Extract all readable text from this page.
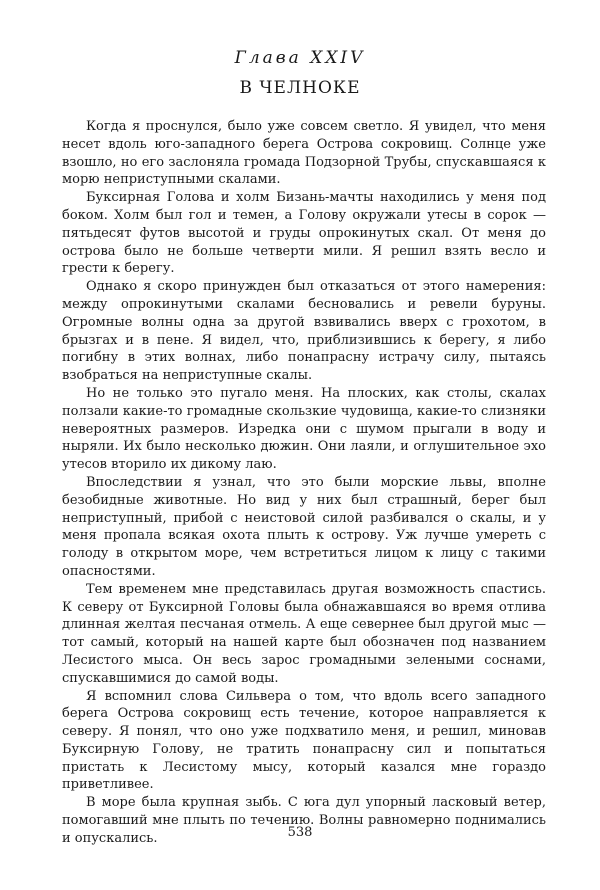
Глава XXIV
В ЧЕЛНОКЕ

Когда я проснулся, было уже совсем светло. Я увидел, что меня несет вдоль юго-западного берега Острова сокровищ. Солнце уже взошло, но его заслоняла громада Подзорной Трубы, спускавшаяся к морю неприступными скалами.

Буксирная Голова и холм Бизань-мачты находились у меня под боком. Холм был гол и темен, а Голову окружали утесы в сорок — пятьдесят футов высотой и груды опрокинутых скал. От меня до острова было не больше четверти мили. Я решил взять весло и грести к берегу.

Однако я скоро принужден был отказаться от этого намерения: между опрокинутыми скалами бесновались и ревели буруны. Огромные волны одна за другой взвивались вверх с грохотом, в брызгах и в пене. Я видел, что, приблизившись к берегу, я либо погибну в этих волнах, либо понапрасну истрачу силу, пытаясь взобраться на неприступные скалы.

Но не только это пугало меня. На плоских, как столы, скалах ползали какие-то громадные скользкие чудовища, какие-то слизняки невероятных размеров. Изредка они с шумом прыгали в воду и ныряли. Их было несколько дюжин. Они лаяли, и оглушительное эхо утесов вторило их дикому лаю.

Впоследствии я узнал, что это были морские львы, вполне безобидные животные. Но вид у них был страшный, берег был неприступный, прибой с неистовой силой разбивался о скалы, и у меня пропала всякая охота плыть к острову. Уж лучше умереть с голоду в открытом море, чем встретиться лицом к лицу с такими опасностями.

Тем временем мне представилась другая возможность спастись. К северу от Буксирной Головы была обнажавшаяся во время отлива длинная желтая песчаная отмель. А еще севернее был другой мыс — тот самый, который на нашей карте был обозначен под названием Лесистого мыса. Он весь зарос громадными зелеными соснами, спускавшимися до самой воды.

Я вспомнил слова Сильвера о том, что вдоль всего западного берега Острова сокровищ есть течение, которое направляется к северу. Я понял, что оно уже подхватило меня, и решил, миновав Буксирную Голову, не тратить понапрасну сил и попытаться пристать к Лесистому мысу, который казался мне гораздо приветливее.

В море была крупная зыбь. С юга дул упорный ласковый ветер, помогавший мне плыть по течению. Волны равномерно поднимались и опускались.	538
